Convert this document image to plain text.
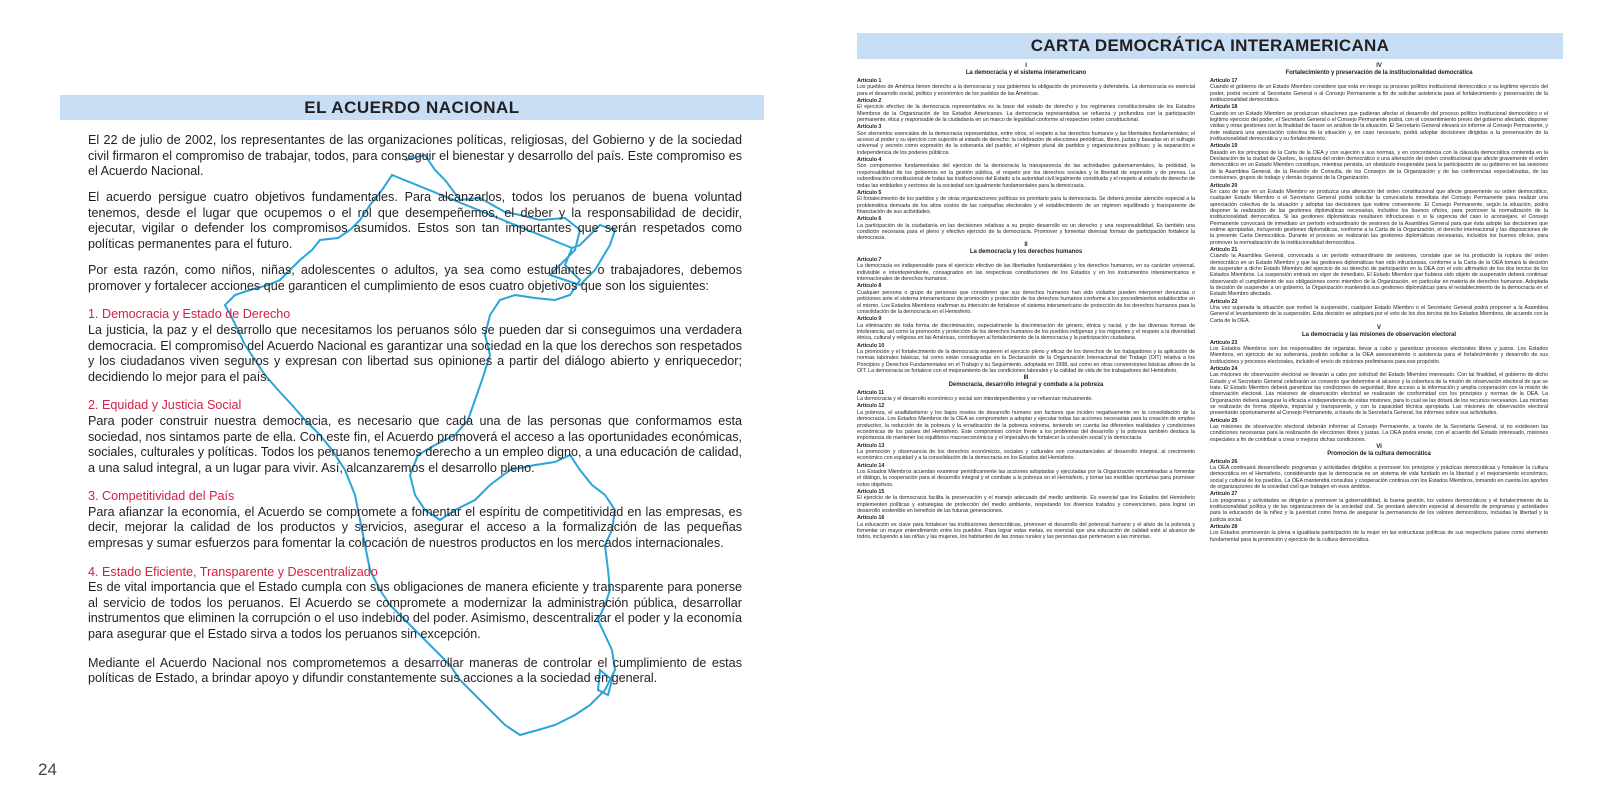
EL ACUERDO NACIONAL

El 22 de julio de 2002, los representantes de las organizaciones políticas, religiosas, del Gobierno y de la sociedad civil firmaron el compromiso de trabajar, todos, para conseguir el bienestar y desarrollo del país. Este compromiso es el Acuerdo Nacional.

El acuerdo persigue cuatro objetivos fundamentales. Para alcanzarlos, todos los peruanos de buena voluntad tenemos, desde el lugar que ocupemos o el rol que desempeñemos, el deber y la responsabilidad de decidir, ejecutar, vigilar o defender los compromisos asumidos. Estos son tan importantes que serán respetados como políticas permanentes para el futuro.

Por esta razón, como niños, niñas, adolescentes o adultos, ya sea como estudiantes o trabajadores, debemos promover y fortalecer acciones que garanticen el cumplimiento de esos cuatro objetivos que son los siguientes:

1. Democracia y Estado de Derecho

La justicia, la paz y el desarrollo que necesitamos los peruanos sólo se pueden dar si conseguimos una verdadera democracia. El compromiso del Acuerdo Nacional es garantizar una sociedad en la que los derechos son respetados y los ciudadanos viven seguros y expresan con libertad sus opiniones a partir del diálogo abierto y enriquecedor; decidiendo lo mejor para el país.

2. Equidad y Justicia Social

Para poder construir nuestra democracia, es necesario que cada una de las personas que conformamos esta sociedad, nos sintamos parte de ella. Con este fin, el Acuerdo promoverá el acceso a las oportunidades económicas, sociales, culturales y políticas. Todos los peruanos tenemos derecho a un empleo digno, a una educación de calidad, a una salud integral, a un lugar para vivir. Así, alcanzaremos el desarrollo pleno.

3. Competitividad del País

Para afianzar la economía, el Acuerdo se compromete a fomentar el espíritu de competitividad en las empresas, es decir, mejorar la calidad de los productos y servicios, asegurar el acceso a la formalización de las pequeñas empresas y sumar esfuerzos para fomentar la colocación de nuestros productos en los mercados internacionales.

4. Estado Eficiente, Transparente y Descentralizado

Es de vital importancia que el Estado cumpla con sus obligaciones de manera eficiente y transparente para ponerse al servicio de todos los peruanos. El Acuerdo se compromete a modernizar la administración pública, desarrollar instrumentos que eliminen la corrupción o el uso indebido del poder. Asimismo, descentralizar el poder y la economía para asegurar que el Estado sirva a todos los peruanos sin excepción.

Mediante el Acuerdo Nacional nos comprometemos a desarrollar maneras de controlar el cumplimiento de estas políticas de Estado, a brindar apoyo y difundir constantemente sus acciones a la sociedad en general.

24
CARTA DEMOCRÁTICA INTERAMERICANA
I
La democracia y el sistema interamericano
Artículo 1
Los pueblos de América tienen derecho a la democracia y sus gobiernos la obligación de promoverla y defenderla. La democracia es esencial para el desarrollo social, político y económico de los pueblos de las Américas.
Artículo 2
El ejercicio efectivo de la democracia representativa es la base del estado de derecho y los regímenes constitucionales de los Estados Miembros de la Organización de los Estados Americanos. La democracia representativa se refuerza y profundiza con la participación permanente, ética y responsable de la ciudadanía en un marco de legalidad conforme al respectivo orden constitucional.
Artículo 3
Son elementos esenciales de la democracia representativa, entre otros, el respeto a los derechos humanos y las libertades fundamentales; el acceso al poder y su ejercicio con sujeción al estado de derecho; la celebración de elecciones periódicas, libres, justas y basadas en el sufragio universal y secreto como expresión de la soberanía del pueblo; el régimen plural de partidos y organizaciones políticas; y la separación e independencia de los poderes públicos.
Artículo 4
Son componentes fundamentales del ejercicio de la democracia la transparencia de las actividades gubernamentales, la probidad, la responsabilidad de los gobiernos en la gestión pública, el respeto por los derechos sociales y la libertad de expresión y de prensa. La subordinación constitucional de todas las instituciones del Estado a la autoridad civil legalmente constituida y el respeto al estado de derecho de todas las entidades y sectores de la sociedad son igualmente fundamentales para la democracia.
Artículo 5
El fortalecimiento de los partidos y de otras organizaciones políticas es prioritario para la democracia. Se deberá prestar atención especial a la problemática derivada de los altos costos de las campañas electorales y el establecimiento de un régimen equilibrado y transparente de financiación de sus actividades.
Artículo 6
La participación de la ciudadanía en las decisiones relativas a su propio desarrollo es un derecho y una responsabilidad. Es también una condición necesaria para el pleno y efectivo ejercicio de la democracia. Promover y fomentar diversas formas de participación fortalece la democracia.
II
La democracia y los derechos humanos
Artículo 7
La democracia es indispensable para el ejercicio efectivo de las libertades fundamentales y los derechos humanos, en su carácter universal, indivisible e interdependiente, consagrados en las respectivas constituciones de los Estados y en los instrumentos interamericanos e internacionales de derechos humanos.
Artículo 8
Cualquier persona o grupo de personas que consideren que sus derechos humanos han sido violados pueden interponer denuncias o peticiones ante el sistema interamericano de promoción y protección de los derechos humanos conforme a los procedimientos establecidos en el mismo. Los Estados Miembros reafirman su intención de fortalecer el sistema interamericano de protección de los derechos humanos para la consolidación de la democracia en el Hemisferio.
Artículo 9
La eliminación de toda forma de discriminación, especialmente la discriminación de género, étnica y racial, y de las diversas formas de intolerancia, así como la promoción y protección de los derechos humanos de los pueblos indígenas y los migrantes y el respeto a la diversidad étnica, cultural y religiosa en las Américas, contribuyen al fortalecimiento de la democracia y la participación ciudadana.
Artículo 10
La promoción y el fortalecimiento de la democracia requieren el ejercicio pleno y eficaz de los derechos de los trabajadores y la aplicación de normas laborales básicas, tal como están consagradas en la Declaración de la Organización Internacional del Trabajo (OIT) relativa a los Principios y Derechos Fundamentales en el Trabajo y su Seguimiento, adoptada en 1998, así como en otras convenciones básicas afines de la OIT. La democracia se fortalece con el mejoramiento de las condiciones laborales y la calidad de vida de los trabajadores del Hemisferio.
III
Democracia, desarrollo integral y combate a la pobreza
Artículo 11
La democracia y el desarrollo económico y social son interdependientes y se refuerzan mutuamente.
Artículo 12
La pobreza, el analfabetismo y los bajos niveles de desarrollo humano son factores que inciden negativamente en la consolidación de la democracia. Los Estados Miembros de la OEA se comprometen a adoptar y ejecutar todas las acciones necesarias para la creación de empleo productivo, la reducción de la pobreza y la erradicación de la pobreza extrema, teniendo en cuenta las diferentes realidades y condiciones económicas de los países del Hemisferio. Este compromiso común frente a los problemas del desarrollo y la pobreza también destaca la importancia de mantener los equilibrios macroeconómicos y el imperativo de fortalecer la cohesión social y la democracia.
Artículo 13
La promoción y observancia de los derechos económicos, sociales y culturales son consustanciales al desarrollo integral, al crecimiento económico con equidad y a la consolidación de la democracia en los Estados del Hemisferio.
Artículo 14
Los Estados Miembros acuerdan examinar periódicamente las acciones adoptadas y ejecutadas por la Organización encaminadas a fomentar el diálogo, la cooperación para el desarrollo integral y el combate a la pobreza en el Hemisferio, y tomar las medidas oportunas para promover estos objetivos.
Artículo 15
El ejercicio de la democracia facilita la preservación y el manejo adecuado del medio ambiente. Es esencial que los Estados del Hemisferio implementen políticas y estrategias de protección del medio ambiente, respetando los diversos tratados y convenciones, para lograr un desarrollo sostenible en beneficio de las futuras generaciones.
Artículo 16
La educación es clave para fortalecer las instituciones democráticas, promover el desarrollo del potencial humano y el alivio de la pobreza y fomentar un mayor entendimiento entre los pueblos. Para lograr estas metas, es esencial que una educación de calidad esté al alcance de todos, incluyendo a las niñas y las mujeres, los habitantes de las zonas rurales y las personas que pertenecen a las minorías.
IV
Fortalecimiento y preservación de la institucionalidad democrática
Artículo 17
Cuando el gobierno de un Estado Miembro considere que está en riesgo su proceso político institucional democrático o su legítimo ejercicio del poder, podrá recurrir al Secretario General o al Consejo Permanente a fin de solicitar asistencia para el fortalecimiento y preservación de la institucionalidad democrática.
Artículo 18
Cuando en un Estado Miembro se produzcan situaciones que pudieran afectar el desarrollo del proceso político institucional democrático o el legítimo ejercicio del poder, el Secretario General o el Consejo Permanente podrá, con el consentimiento previo del gobierno afectado, disponer visitas y otras gestiones con la finalidad de hacer un análisis de la situación. El Secretario General elevará un informe al Consejo Permanente, y éste realizará una apreciación colectiva de la situación y, en caso necesario, podrá adoptar decisiones dirigidas a la preservación de la institucionalidad democrática y su fortalecimiento.
Artículo 19
Basado en los principios de la Carta de la OEA y con sujeción a sus normas, y en concordancia con la cláusula democrática contenida en la Declaración de la ciudad de Quebec, la ruptura del orden democrático o una alteración del orden constitucional que afecte gravemente el orden democrático en un Estado Miembro constituye, mientras persista, un obstáculo insuperable para la participación de su gobierno en las sesiones de la Asamblea General, de la Reunión de Consulta, de los Consejos de la Organización y de las conferencias especializadas, de las comisiones, grupos de trabajo y demás órganos de la Organización.
Artículo 20
En caso de que en un Estado Miembro se produzca una alteración del orden constitucional que afecte gravemente su orden democrático, cualquier Estado Miembro o el Secretario General podrá solicitar la convocatoria inmediata del Consejo Permanente para realizar una apreciación colectiva de la situación y adoptar las decisiones que estime conveniente. El Consejo Permanente, según la situación, podrá disponer la realización de las gestiones diplomáticas necesarias, incluidos los buenos oficios, para promover la normalización de la institucionalidad democrática. Si las gestiones diplomáticas resultaren infructuosas o si la urgencia del caso lo aconsejare, el Consejo Permanente convocará de inmediato un período extraordinario de sesiones de la Asamblea General para que ésta adopte las decisiones que estime apropiadas, incluyendo gestiones diplomáticas, conforme a la Carta de la Organización, el derecho internacional y las disposiciones de la presente Carta Democrática. Durante el proceso se realizarán las gestiones diplomáticas necesarias, incluidos los buenos oficios, para promover la normalización de la institucionalidad democrática.
Artículo 21
Cuando la Asamblea General, convocada a un período extraordinario de sesiones, constate que se ha producido la ruptura del orden democrático en un Estado Miembro y que las gestiones diplomáticas han sido infructuosas, conforme a la Carta de la OEA tomará la decisión de suspender a dicho Estado Miembro del ejercicio de su derecho de participación en la OEA con el voto afirmativo de los dos tercios de los Estados Miembros. La suspensión entrará en vigor de inmediato. El Estado Miembro que hubiera sido objeto de suspensión deberá continuar observando el cumplimiento de sus obligaciones como miembro de la Organización, en particular en materia de derechos humanos. Adoptada la decisión de suspender a un gobierno, la Organización mantendrá sus gestiones diplomáticas para el restablecimiento de la democracia en el Estado Miembro afectado.
Artículo 22
Una vez superada la situación que motivó la suspensión, cualquier Estado Miembro o el Secretario General podrá proponer a la Asamblea General el levantamiento de la suspensión. Esta decisión se adoptará por el voto de los dos tercios de los Estados Miembros, de acuerdo con la Carta de la OEA.
V
La democracia y las misiones de observación electoral
Artículo 23
Los Estados Miembros son los responsables de organizar, llevar a cabo y garantizar procesos electorales libres y justos. Los Estados Miembros, en ejercicio de su soberanía, podrán solicitar a la OEA asesoramiento o asistencia para el fortalecimiento y desarrollo de sus instituciones y procesos electorales, incluido el envío de misiones preliminares para ese propósito.
Artículo 24
Las misiones de observación electoral se llevarán a cabo por solicitud del Estado Miembro interesado. Con tal finalidad, el gobierno de dicho Estado y el Secretario General celebrarán un convenio que determine el alcance y la cobertura de la misión de observación electoral de que se trate. El Estado Miembro deberá garantizar las condiciones de seguridad, libre acceso a la información y amplia cooperación con la misión de observación electoral. Las misiones de observación electoral se realizarán de conformidad con los principios y normas de la OEA. La Organización deberá asegurar la eficacia e independencia de estas misiones, para lo cual se las dotará de los recursos necesarios. Las mismas se realizarán de forma objetiva, imparcial y transparente, y con la capacidad técnica apropiada. Las misiones de observación electoral presentarán oportunamente al Consejo Permanente, a través de la Secretaría General, los informes sobre sus actividades.
Artículo 25
Las misiones de observación electoral deberán informar al Consejo Permanente, a través de la Secretaría General, si no existiesen las condiciones necesarias para la realización de elecciones libres y justas. La OEA podrá enviar, con el acuerdo del Estado interesado, misiones especiales a fin de contribuir a crear o mejorar dichas condiciones.
VI
Promoción de la cultura democrática
Artículo 26
La OEA continuará desarrollando programas y actividades dirigidos a promover los principios y prácticas democráticas y fortalecer la cultura democrática en el Hemisferio, considerando que la democracia es un sistema de vida fundado en la libertad y el mejoramiento económico, social y cultural de los pueblos. La OEA mantendrá consultas y cooperación continua con los Estados Miembros, tomando en cuenta los aportes de organizaciones de la sociedad civil que trabajen en esos ámbitos.
Artículo 27
Los programas y actividades se dirigirán a promover la gobernabilidad, la buena gestión, los valores democráticos y el fortalecimiento de la institucionalidad política y de las organizaciones de la sociedad civil. Se prestará atención especial al desarrollo de programas y actividades para la educación de la niñez y la juventud como forma de asegurar la permanencia de los valores democráticos, incluidas la libertad y la justicia social.
Artículo 28
Los Estados promoverán la plena e igualitaria participación de la mujer en las estructuras políticas de sus respectivos países como elemento fundamental para la promoción y ejercicio de la cultura democrática.
